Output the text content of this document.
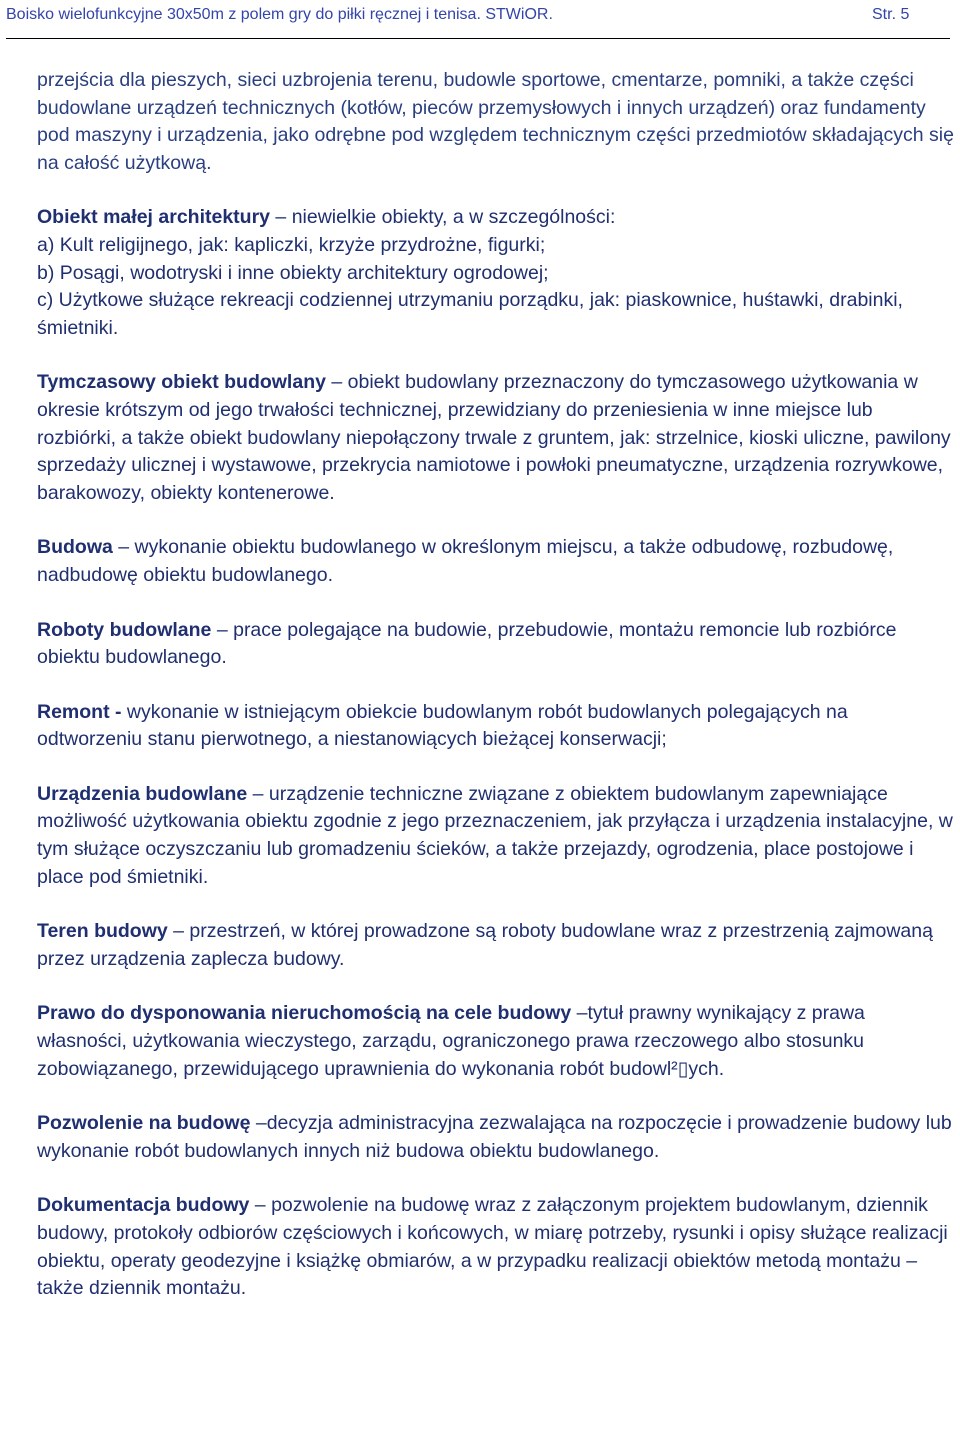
Boisko wielofunkcyjne 30x50m z polem gry do piłki ręcznej i tenisa. STWiOR.	Str. 5

przejścia dla pieszych, sieci uzbrojenia terenu, budowle sportowe, cmentarze, pomniki, a także części budowlane urządzeń technicznych (kotłów, pieców przemysłowych i innych urządzeń) oraz fundamenty pod maszyny i urządzenia, jako odrębne pod względem technicznym części przedmiotów składających się na całość użytkową.

Obiekt małej architektury – niewielkie obiekty, a w szczególności:
a) Kult religijnego, jak: kapliczki, krzyże przydrożne, figurki;
b) Posągi, wodotryski i inne obiekty architektury ogrodowej;
c) Użytkowe służące rekreacji codziennej utrzymaniu porządku, jak: piaskownice, huśtawki, drabinki, śmietniki.

Tymczasowy obiekt budowlany – obiekt budowlany przeznaczony do tymczasowego użytkowania w okresie krótszym od jego trwałości technicznej, przewidziany do przeniesienia w inne miejsce lub rozbiórki, a także obiekt budowlany niepołączony trwale z gruntem, jak: strzelnice, kioski uliczne, pawilony sprzedaży ulicznej i wystawowe, przekrycia namiotowe i powłoki pneumatyczne, urządzenia rozrywkowe, barakowozy, obiekty kontenerowe.

Budowa – wykonanie obiektu budowlanego w określonym miejscu, a także odbudowę, rozbudowę, nadbudowę obiektu budowlanego.

Roboty budowlane – prace polegające na budowie, przebudowie, montażu remoncie lub rozbiórce obiektu budowlanego.

Remont - wykonanie w istniejącym obiekcie budowlanym robót budowlanych polegających na odtworzeniu stanu pierwotnego, a niestanowiących bieżącej konserwacji;

Urządzenia budowlane – urządzenie techniczne związane z obiektem budowlanym zapewniające możliwość użytkowania obiektu zgodnie z jego przeznaczeniem, jak przyłącza i urządzenia instalacyjne, w tym służące oczyszczaniu lub gromadzeniu ścieków, a także przejazdy, ogrodzenia, place postojowe i place pod śmietniki.

Teren budowy – przestrzeń, w której prowadzone są roboty budowlane wraz z przestrzenią zajmowaną przez urządzenia zaplecza budowy.

Prawo do dysponowania nieruchomością na cele budowy –tytuł prawny wynikający z prawa własności, użytkowania wieczystego, zarządu, ograniczonego prawa rzeczowego albo stosunku zobowiązanego, przewidującego uprawnienia do wykonania robót budowl²▯ych.

Pozwolenie na budowę –decyzja administracyjna zezwalająca na rozpoczęcie i prowadzenie budowy lub wykonanie robót budowlanych innych niż budowa obiektu budowlanego.

Dokumentacja budowy – pozwolenie na budowę wraz z załączonym projektem budowlanym, dziennik budowy, protokoły odbiorów częściowych i końcowych, w miarę potrzeby, rysunki i opisy służące realizacji obiektu, operaty geodezyjne i książkę obmiarów, a w przypadku realizacji obiektów metodą montażu – także dziennik montażu.
